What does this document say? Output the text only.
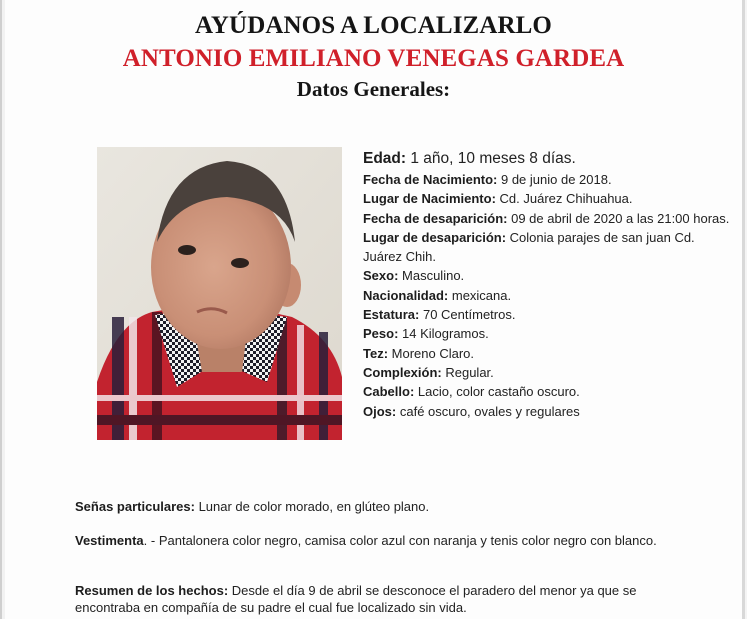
AYÚDANOS A LOCALIZARLO
ANTONIO EMILIANO VENEGAS GARDEA
Datos Generales:

Edad: 1 año, 10 meses 8 días.

Fecha de Nacimiento: 9 de junio de 2018.

Lugar de Nacimiento: Cd. Juárez Chihuahua.

Fecha de desaparición: 09 de abril de 2020 a las 21:00 horas.

Lugar de desaparición: Colonia parajes de san juan Cd. Juárez Chih.

Sexo: Masculino.

Nacionalidad: mexicana.

Estatura: 70 Centímetros.

Peso: 14 Kilogramos.

Tez: Moreno Claro.

Complexión: Regular.

Cabello: Lacio, color castaño oscuro.

Ojos: café oscuro, ovales y regulares

Señas particulares: Lunar de color morado, en glúteo plano.
Vestimenta. - Pantalonera color negro, camisa color azul con naranja y tenis color negro con blanco.
Resumen de los hechos: Desde el día 9 de abril se desconoce el paradero del menor ya que se encontraba en compañía de su padre el cual fue localizado sin vida.
